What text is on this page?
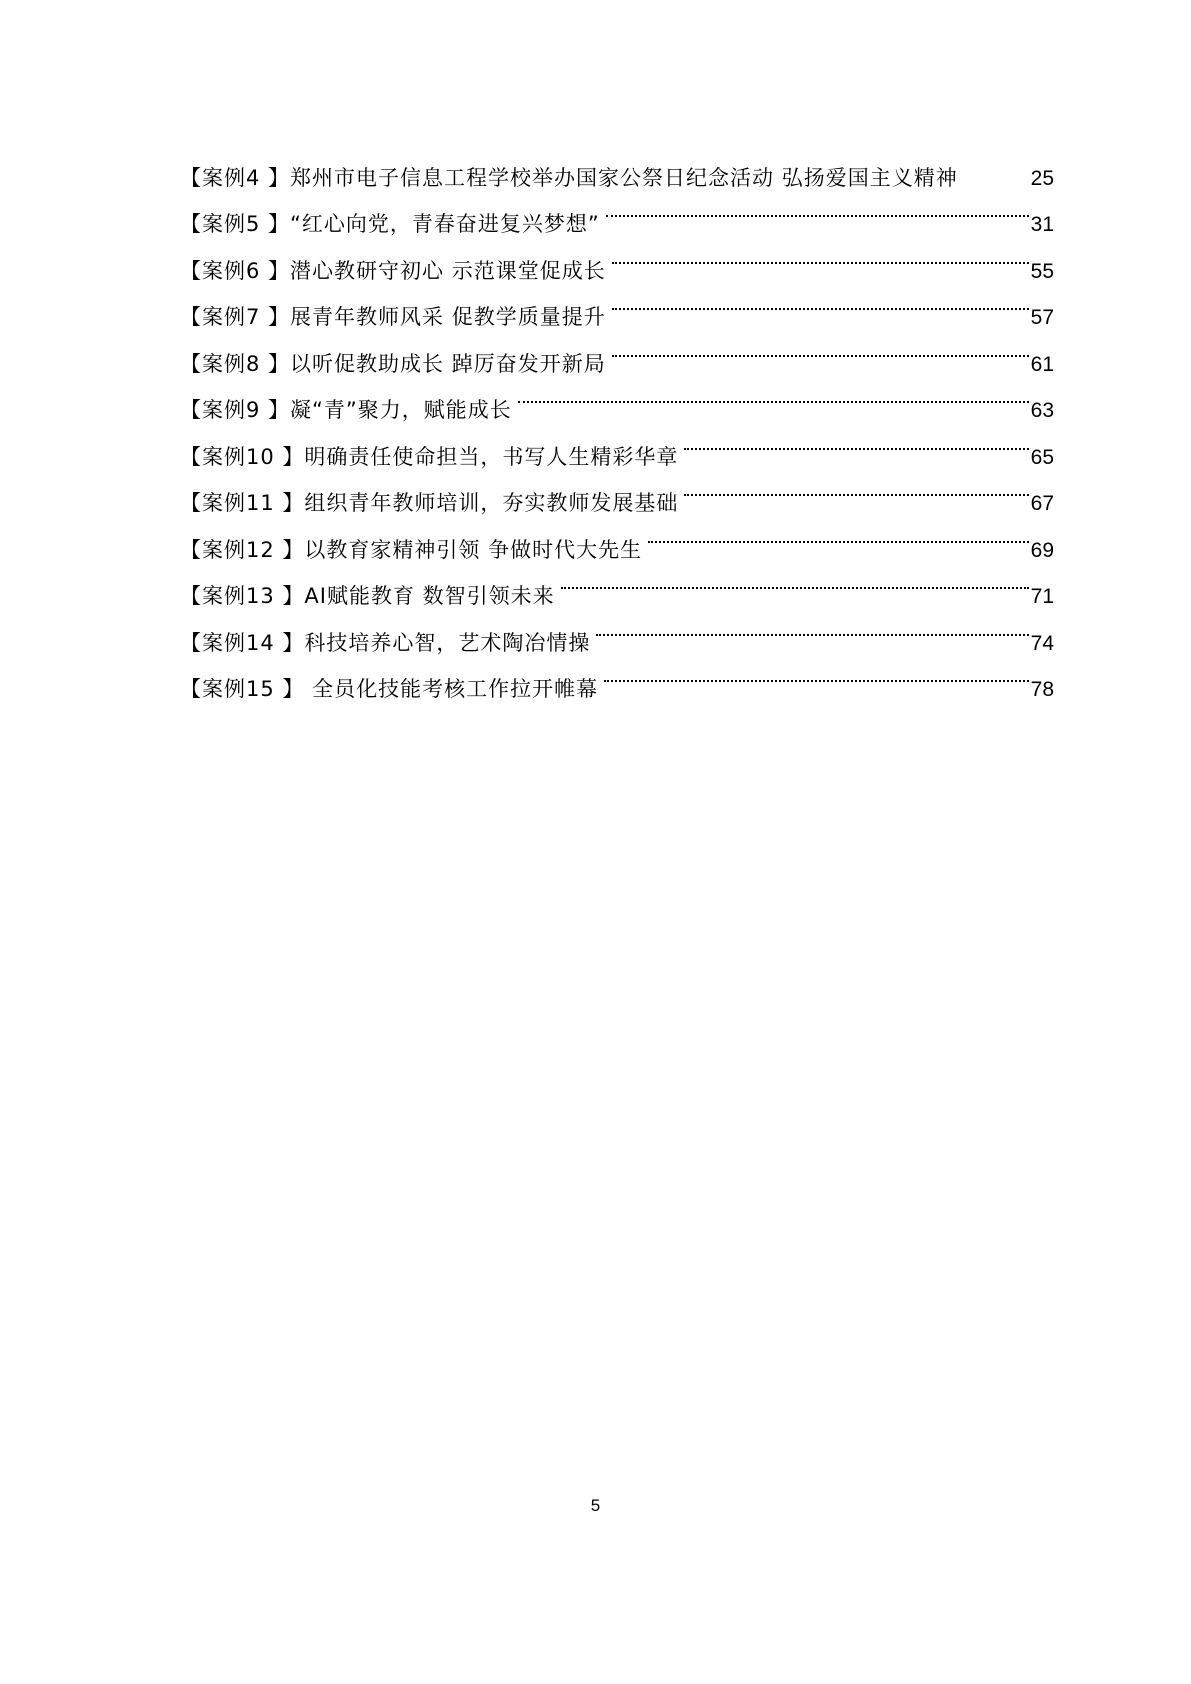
【案例4 】郑州市电子信息工程学校举办国家公祭日纪念活动 弘扬爱国主义精神	25
【案例5 】“红心向党，青春奋进复兴梦想”	31
【案例6 】潜心教研守初心 示范课堂促成长	55
【案例7 】展青年教师风采 促教学质量提升	57
【案例8 】以听促教助成长 踔厉奋发开新局	61
【案例9 】凝“青”聚力，赋能成长	63
【案例10 】明确责任使命担当，书写人生精彩华章	65
【案例11 】组织青年教师培训，夯实教师发展基础	67
【案例12 】以教育家精神引领 争做时代大先生	69
【案例13 】AI赋能教育 数智引领未来	71
【案例14 】科技培养心智，艺术陶冶情操	74
【案例15 】 全员化技能考核工作拉开帷幕	78
5
